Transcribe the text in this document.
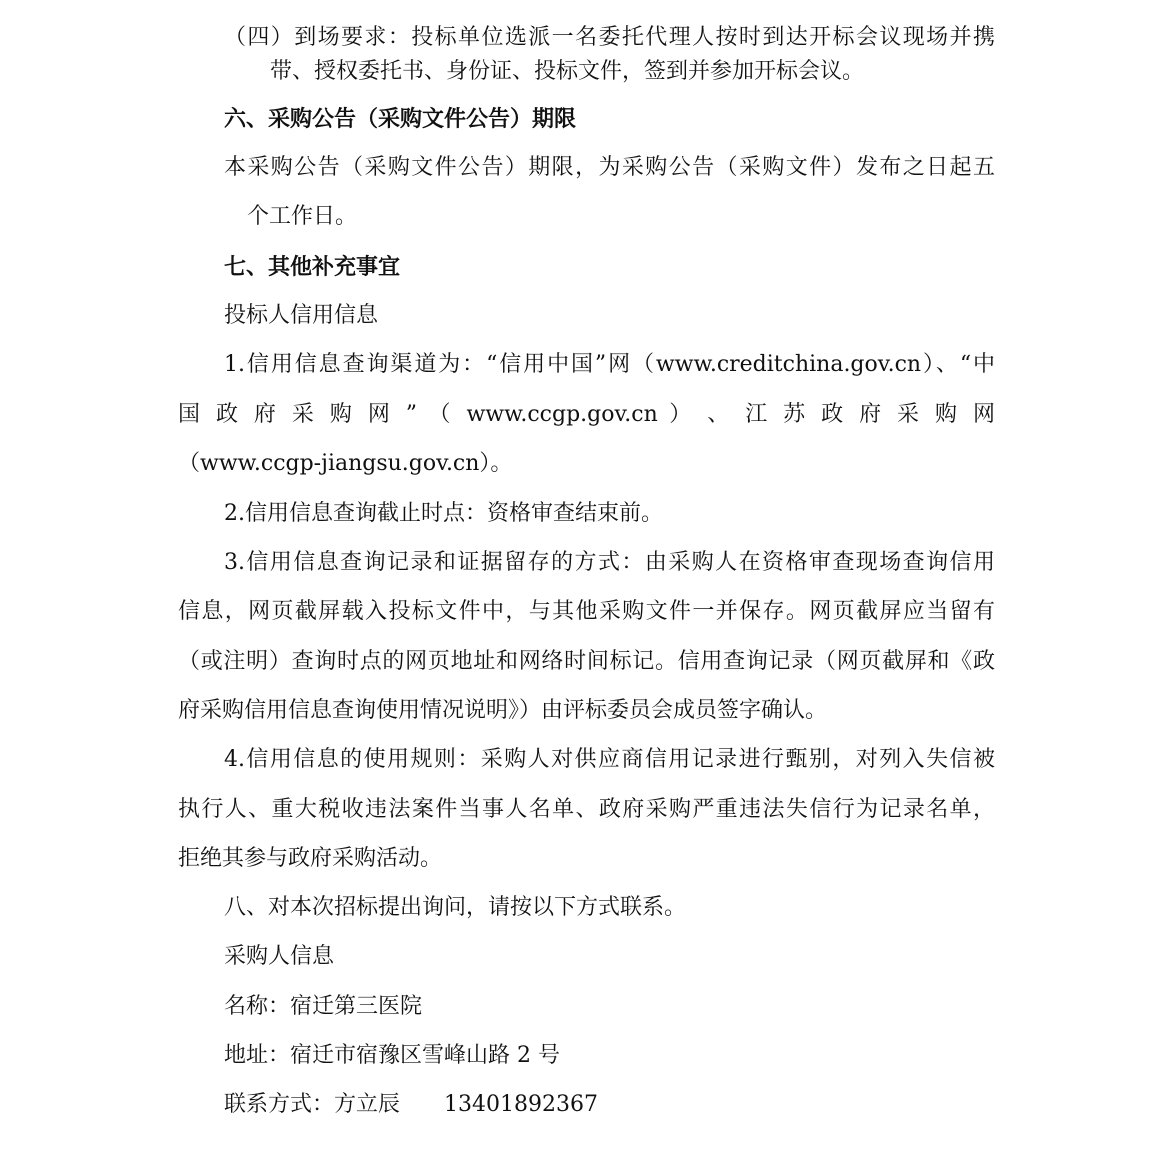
（四）到场要求：投标单位选派一名委托代理人按时到达开标会议现场并携
带、授权委托书、身份证、投标文件，签到并参加开标会议。
六、采购公告（采购文件公告）期限
本采购公告（采购文件公告）期限，为采购公告（采购文件）发布之日起五
个工作日。
七、其他补充事宜
投标人信用信息
1.信用信息查询渠道为：“信用中国”网（www.creditchina.gov.cn）、“中
国 政 府 采 购 网 ” （ www.ccgp.gov.cn ） 、 江 苏 政 府 采 购 网
（www.ccgp-jiangsu.gov.cn）。
2.信用信息查询截止时点：资格审查结束前。
3.信用信息查询记录和证据留存的方式：由采购人在资格审查现场查询信用
信息，网页截屏载入投标文件中，与其他采购文件一并保存。网页截屏应当留有
（或注明）查询时点的网页地址和网络时间标记。信用查询记录（网页截屏和《政
府采购信用信息查询使用情况说明》）由评标委员会成员签字确认。
4.信用信息的使用规则：采购人对供应商信用记录进行甄别，对列入失信被
执行人、重大税收违法案件当事人名单、政府采购严重违法失信行为记录名单，
拒绝其参与政府采购活动。
八、对本次招标提出询问，请按以下方式联系。
采购人信息
名称：宿迁第三医院
地址：宿迁市宿豫区雪峰山路 2 号
联系方式：方立辰　　13401892367
